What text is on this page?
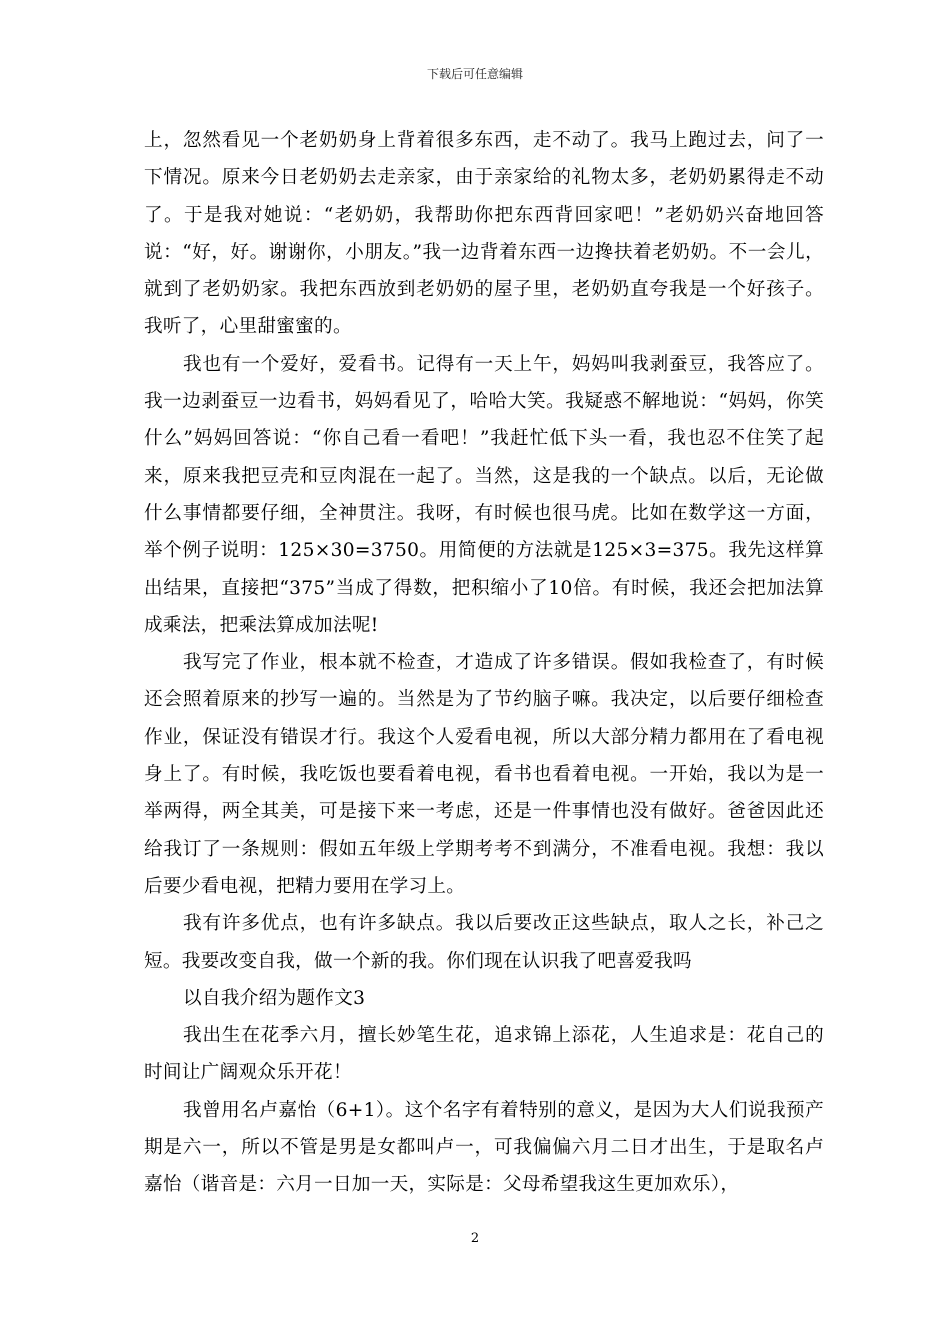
下载后可任意编辑

上，忽然看见一个老奶奶身上背着很多东西，走不动了。我马上跑过去，问了一下情况。原来今日老奶奶去走亲家，由于亲家给的礼物太多，老奶奶累得走不动了。于是我对她说：“老奶奶，我帮助你把东西背回家吧！”老奶奶兴奋地回答说：“好，好。谢谢你，小朋友。”我一边背着东西一边搀扶着老奶奶。不一会儿，就到了老奶奶家。我把东西放到老奶奶的屋子里，老奶奶直夸我是一个好孩子。我听了，心里甜蜜蜜的。

我也有一个爱好，爱看书。记得有一天上午，妈妈叫我剥蚕豆，我答应了。我一边剥蚕豆一边看书，妈妈看见了，哈哈大笑。我疑惑不解地说：“妈妈，你笑什么”妈妈回答说：“你自己看一看吧！”我赶忙低下头一看，我也忍不住笑了起来，原来我把豆壳和豆肉混在一起了。当然，这是我的一个缺点。以后，无论做什么事情都要仔细，全神贯注。我呀，有时候也很马虎。比如在数学这一方面，举个例子说明：125×30=3750。用简便的方法就是125×3=375。我先这样算出结果，直接把“375”当成了得数，把积缩小了10倍。有时候，我还会把加法算成乘法，把乘法算成加法呢!

我写完了作业，根本就不检查，才造成了许多错误。假如我检查了，有时候还会照着原来的抄写一遍的。当然是为了节约脑子嘛。我决定，以后要仔细检查作业，保证没有错误才行。我这个人爱看电视，所以大部分精力都用在了看电视身上了。有时候，我吃饭也要看着电视，看书也看着电视。一开始，我以为是一举两得，两全其美，可是接下来一考虑，还是一件事情也没有做好。爸爸因此还给我订了一条规则：假如五年级上学期考考不到满分，不准看电视。我想：我以后要少看电视，把精力要用在学习上。

我有许多优点，也有许多缺点。我以后要改正这些缺点，取人之长，补己之短。我要改变自我，做一个新的我。你们现在认识我了吧喜爱我吗

以自我介绍为题作文3

我出生在花季六月，擅长妙笔生花，追求锦上添花，人生追求是：花自己的时间让广阔观众乐开花！

我曾用名卢嘉怡（6+1）。这个名字有着特别的意义，是因为大人们说我预产期是六一，所以不管是男是女都叫卢一，可我偏偏六月二日才出生，于是取名卢嘉怡（谐音是：六月一日加一天，实际是：父母希望我这生更加欢乐），

2
